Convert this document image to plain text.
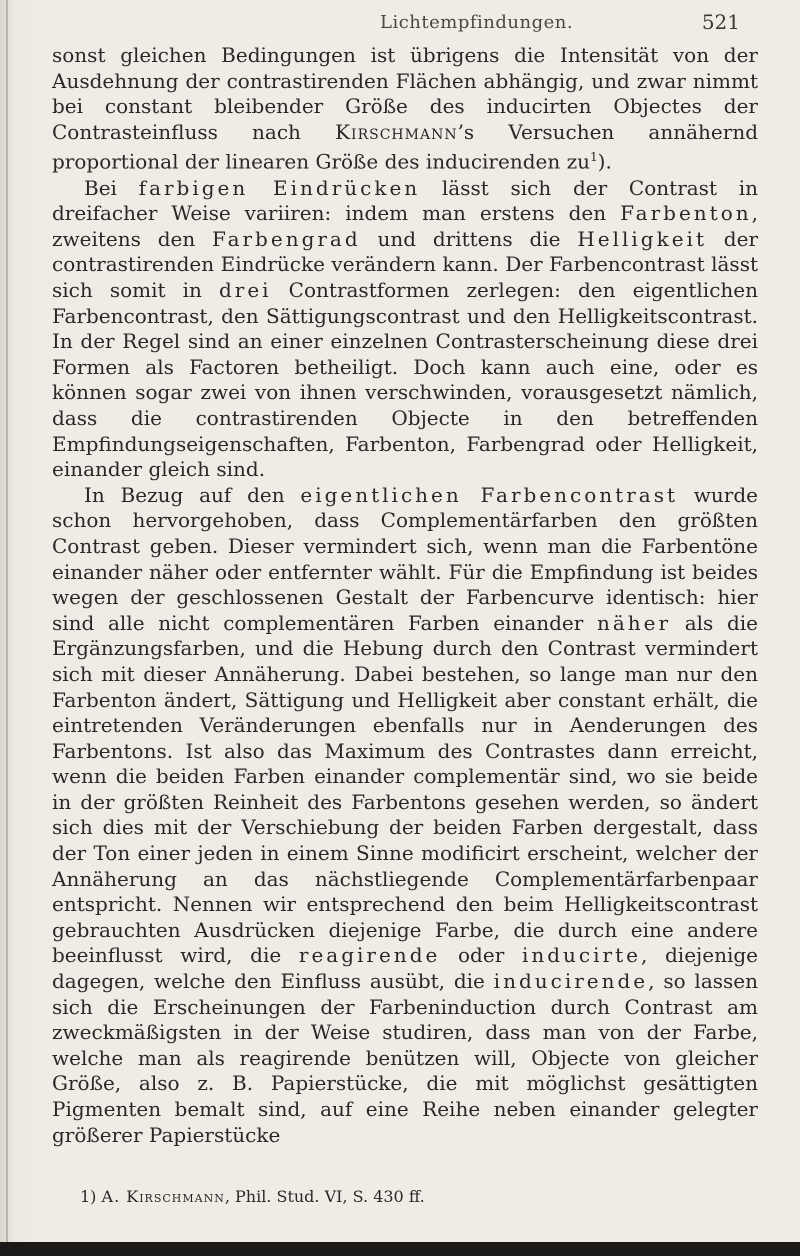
Lichtempfindungen.	521

sonst gleichen Bedingungen ist übrigens die Intensität von der Ausdehnung der contrastirenden Flächen abhängig, und zwar nimmt bei constant bleibender Größe des inducirten Objectes der Contrasteinfluss nach Kirschmann’s Versuchen annähernd proportional der linearen Größe des inducirenden $zu^1$).

Bei farbigen Eindrücken lässt sich der Contrast in dreifacher Weise variiren: indem man erstens den Farbenton, zweitens den Farbengrad und drittens die Helligkeit der contrastirenden Eindrücke verändern kann. Der Farbencontrast lässt sich somit in drei Contrastformen zerlegen: den eigentlichen Farbencontrast, den Sättigungscontrast und den Helligkeitscontrast. In der Regel sind an einer einzelnen Contrasterscheinung diese drei Formen als Factoren betheiligt. Doch kann auch eine, oder es können sogar zwei von ihnen verschwinden, vorausgesetzt nämlich, dass die contrastirenden Objecte in den betreffenden Empfindungseigenschaften, Farbenton, Farbengrad oder Helligkeit, einander gleich sind.

In Bezug auf den eigentlichen Farbencontrast wurde schon hervorgehoben, dass Complementärfarben den größten Contrast geben. Dieser vermindert sich, wenn man die Farbentöne einander näher oder entfernter wählt. Für die Empfindung ist beides wegen der geschlossenen Gestalt der Farbencurve identisch: hier sind alle nicht complementären Farben einander näher als die Ergänzungsfarben, und die Hebung durch den Contrast vermindert sich mit dieser Annäherung. Dabei bestehen, so lange man nur den Farbenton ändert, Sättigung und Helligkeit aber constant erhält, die eintretenden Veränderungen ebenfalls nur in Aenderungen des Farbentons. Ist also das Maximum des Contrastes dann erreicht, wenn die beiden Farben einander complementär sind, wo sie beide in der größten Reinheit des Farbentons gesehen werden, so ändert sich dies mit der Verschiebung der beiden Farben dergestalt, dass der Ton einer jeden in einem Sinne modificirt erscheint, welcher der Annäherung an das nächstliegende Complementärfarbenpaar entspricht. Nennen wir entsprechend den beim Helligkeitscontrast gebrauchten Ausdrücken diejenige Farbe, die durch eine andere beeinflusst wird, die reagirende oder inducirte, diejenige dagegen, welche den Einfluss ausübt, die inducirende, so lassen sich die Erscheinungen der Farbeninduction durch Contrast am zweckmäßigsten in der Weise studiren, dass man von der Farbe, welche man als reagirende benützen will, Objecte von gleicher Größe, also z. B. Papierstücke, die mit möglichst gesättigten Pigmenten bemalt sind, auf eine Reihe neben einander gelegter größerer Papierstücke

1) A. Kirschmann, Phil. Stud. VI, S. 430 ff.
